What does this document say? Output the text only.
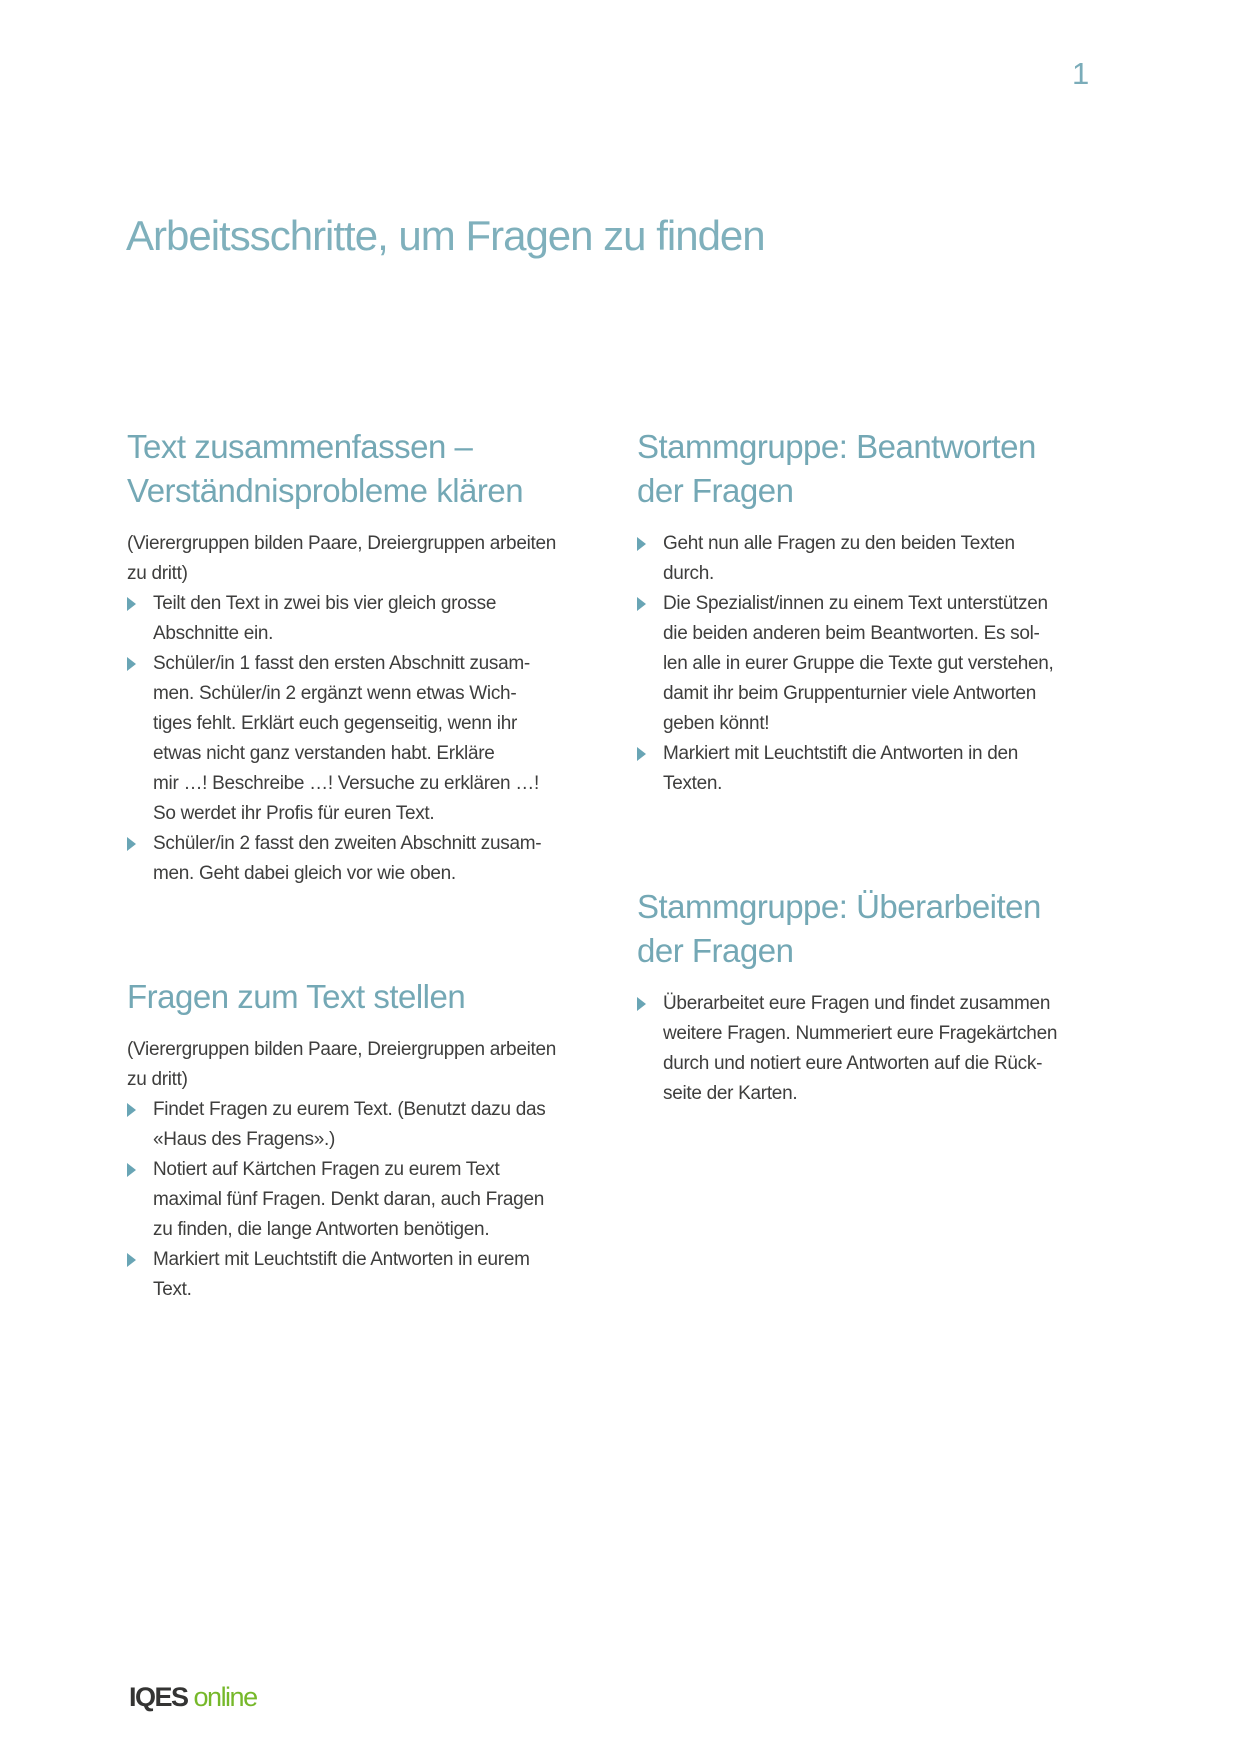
1
Arbeitsschritte, um Fragen zu finden
Text zusammenfassen –
Verständnisprobleme klären

(Vierergruppen bilden Paare, Dreiergruppen arbeiten
zu dritt)

Teilt den Text in zwei bis vier gleich grosse
Abschnitte ein.
Schüler/in 1 fasst den ersten Abschnitt zusam-
men. Schüler/in 2 ergänzt wenn etwas Wich-
tiges fehlt. Erklärt euch gegenseitig, wenn ihr
etwas nicht ganz verstanden habt. Erkläre
mir …! Beschreibe …! Versuche zu erklären …!
So werdet ihr Profis für euren Text.
Schüler/in 2 fasst den zweiten Abschnitt zusam-
men. Geht dabei gleich vor wie oben.
Fragen zum Text stellen

(Vierergruppen bilden Paare, Dreiergruppen arbeiten
zu dritt)

Findet Fragen zu eurem Text. (Benutzt dazu das
«Haus des Fragens».)
Notiert auf Kärtchen Fragen zu eurem Text
maximal fünf Fragen. Denkt daran, auch Fragen
zu finden, die lange Antworten benötigen.
Markiert mit Leuchtstift die Antworten in eurem
Text.
Stammgruppe: Beantworten
der Fragen
Geht nun alle Fragen zu den beiden Texten
durch.
Die Spezialist/innen zu einem Text unterstützen
die beiden anderen beim Beantworten. Es sol-
len alle in eurer Gruppe die Texte gut verstehen,
damit ihr beim Gruppenturnier viele Antworten
geben könnt!
Markiert mit Leuchtstift die Antworten in den
Texten.
Stammgruppe: Überarbeiten
der Fragen
Überarbeitet eure Fragen und findet zusammen
weitere Fragen. Nummeriert eure Fragekärtchen
durch und notiert eure Antworten auf die Rück-
seite der Karten.
IQES online
